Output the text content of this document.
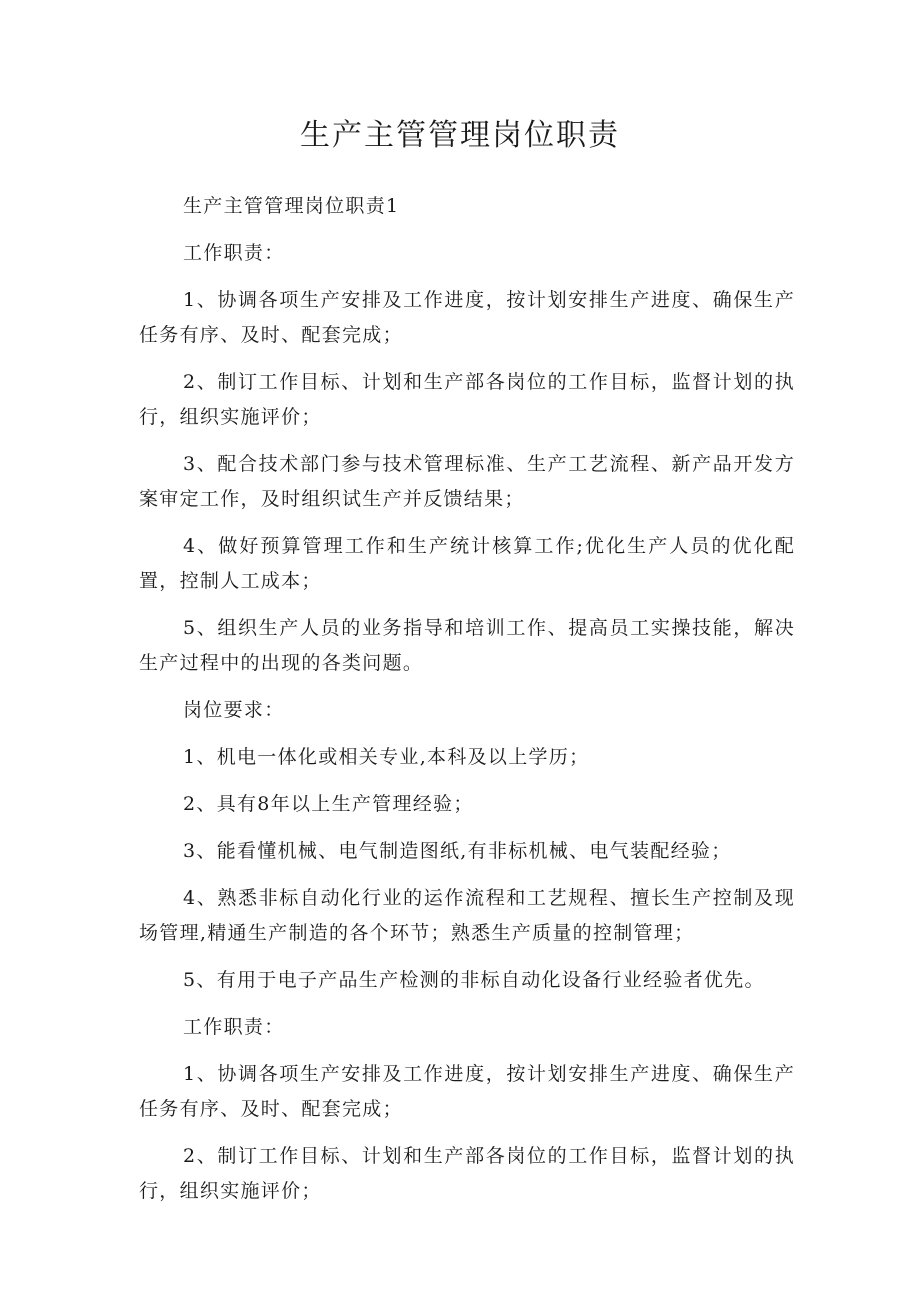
生产主管管理岗位职责

生产主管管理岗位职责1

工作职责：

1、协调各项生产安排及工作进度，按计划安排生产进度、确保生产任务有序、及时、配套完成；

2、制订工作目标、计划和生产部各岗位的工作目标，监督计划的执行，组织实施评价；

3、配合技术部门参与技术管理标准、生产工艺流程、新产品开发方案审定工作，及时组织试生产并反馈结果；

4、做好预算管理工作和生产统计核算工作;优化生产人员的优化配置，控制人工成本；

5、组织生产人员的业务指导和培训工作、提高员工实操技能，解决生产过程中的出现的各类问题。

岗位要求：

1、机电一体化或相关专业,本科及以上学历；

2、具有8年以上生产管理经验；

3、能看懂机械、电气制造图纸,有非标机械、电气装配经验；

4、熟悉非标自动化行业的运作流程和工艺规程、擅长生产控制及现场管理,精通生产制造的各个环节；熟悉生产质量的控制管理；

5、有用于电子产品生产检测的非标自动化设备行业经验者优先。

工作职责：

1、协调各项生产安排及工作进度，按计划安排生产进度、确保生产任务有序、及时、配套完成；

2、制订工作目标、计划和生产部各岗位的工作目标，监督计划的执行，组织实施评价；
